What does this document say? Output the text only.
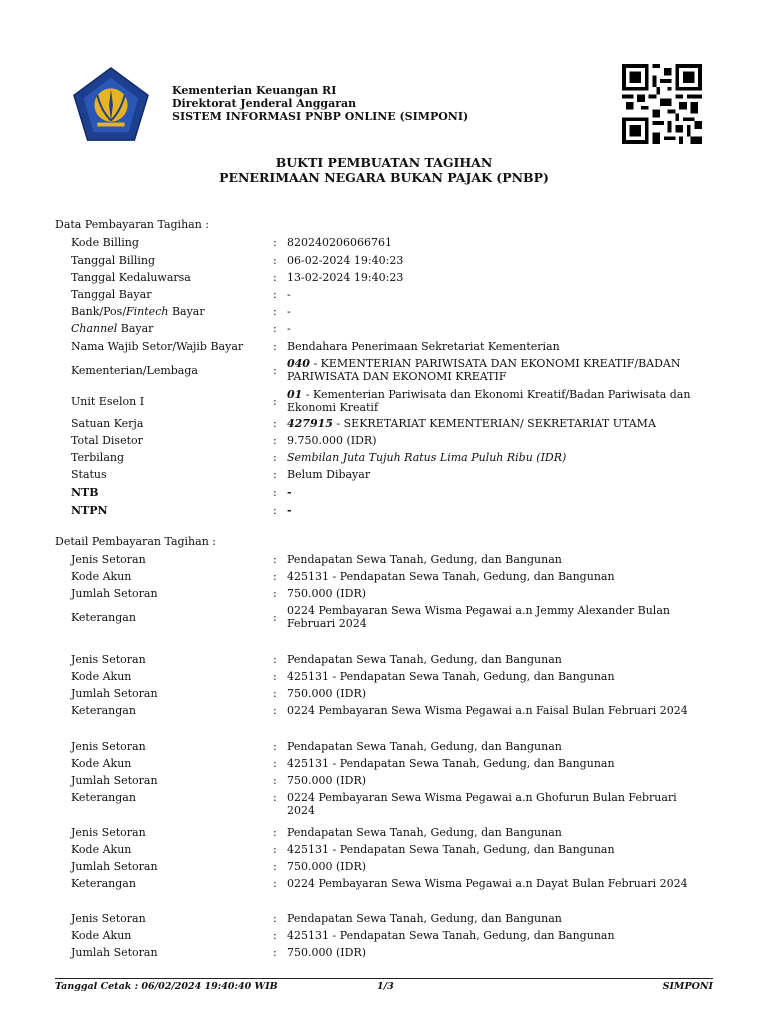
Kementerian Keuangan RI
Direktorat Jenderal Anggaran
SISTEM INFORMASI PNBP ONLINE (SIMPONI)
BUKTI PEMBUATAN TAGIHAN
PENERIMAAN NEGARA BUKAN PAJAK (PNBP)
Data Pembayaran Tagihan :
Kode Billing	: 820240206066761
Tanggal Billing	: 06-02-2024 19:40:23
Tanggal Kedaluwarsa	: 13-02-2024 19:40:23
Tanggal Bayar	: -
Bank/Pos/Fintech Bayar	: -
Channel Bayar	: -
Nama Wajib Setor/Wajib Bayar	: Bendahara Penerimaan Sekretariat Kementerian
Kementerian/Lembaga	:
040 - KEMENTERIAN PARIWISATA DAN EKONOMI KREATIF/BADAN PARIWISATA DAN EKONOMI KREATIF
Unit Eselon I	:
01 - Kementerian Pariwisata dan Ekonomi Kreatif/Badan Pariwisata dan Ekonomi Kreatif
Satuan Kerja	: 427915 - SEKRETARIAT KEMENTERIAN/ SEKRETARIAT UTAMA
Total Disetor	: 9.750.000 (IDR)
Terbilang	: Sembilan Juta Tujuh Ratus Lima Puluh Ribu (IDR)
Status	: Belum Dibayar
NTB	: -
NTPN	: -
Detail Pembayaran Tagihan :
Jenis Setoran	: Pendapatan Sewa Tanah, Gedung, dan Bangunan
Kode Akun	: 425131 - Pendapatan Sewa Tanah, Gedung, dan Bangunan
Jumlah Setoran	: 750.000 (IDR)
Keterangan	:
0224 Pembayaran Sewa Wisma Pegawai a.n Jemmy Alexander Bulan Februari 2024
Jenis Setoran	: Pendapatan Sewa Tanah, Gedung, dan Bangunan
Kode Akun	: 425131 - Pendapatan Sewa Tanah, Gedung, dan Bangunan
Jumlah Setoran	: 750.000 (IDR)
Keterangan	: 0224 Pembayaran Sewa Wisma Pegawai a.n Faisal Bulan Februari 2024
Jenis Setoran	: Pendapatan Sewa Tanah, Gedung, dan Bangunan
Kode Akun	: 425131 - Pendapatan Sewa Tanah, Gedung, dan Bangunan
Jumlah Setoran	: 750.000 (IDR)
Keterangan	: 0224 Pembayaran Sewa Wisma Pegawai a.n Ghofurun Bulan Februari 2024
Jenis Setoran	: Pendapatan Sewa Tanah, Gedung, dan Bangunan
Kode Akun	: 425131 - Pendapatan Sewa Tanah, Gedung, dan Bangunan
Jumlah Setoran	: 750.000 (IDR)
Keterangan	: 0224 Pembayaran Sewa Wisma Pegawai a.n Dayat Bulan Februari 2024
Jenis Setoran	: Pendapatan Sewa Tanah, Gedung, dan Bangunan
Kode Akun	: 425131 - Pendapatan Sewa Tanah, Gedung, dan Bangunan
Jumlah Setoran	: 750.000 (IDR)
Tanggal Cetak : 06/02/2024 19:40:40 WIB	1/3	SIMPONI
